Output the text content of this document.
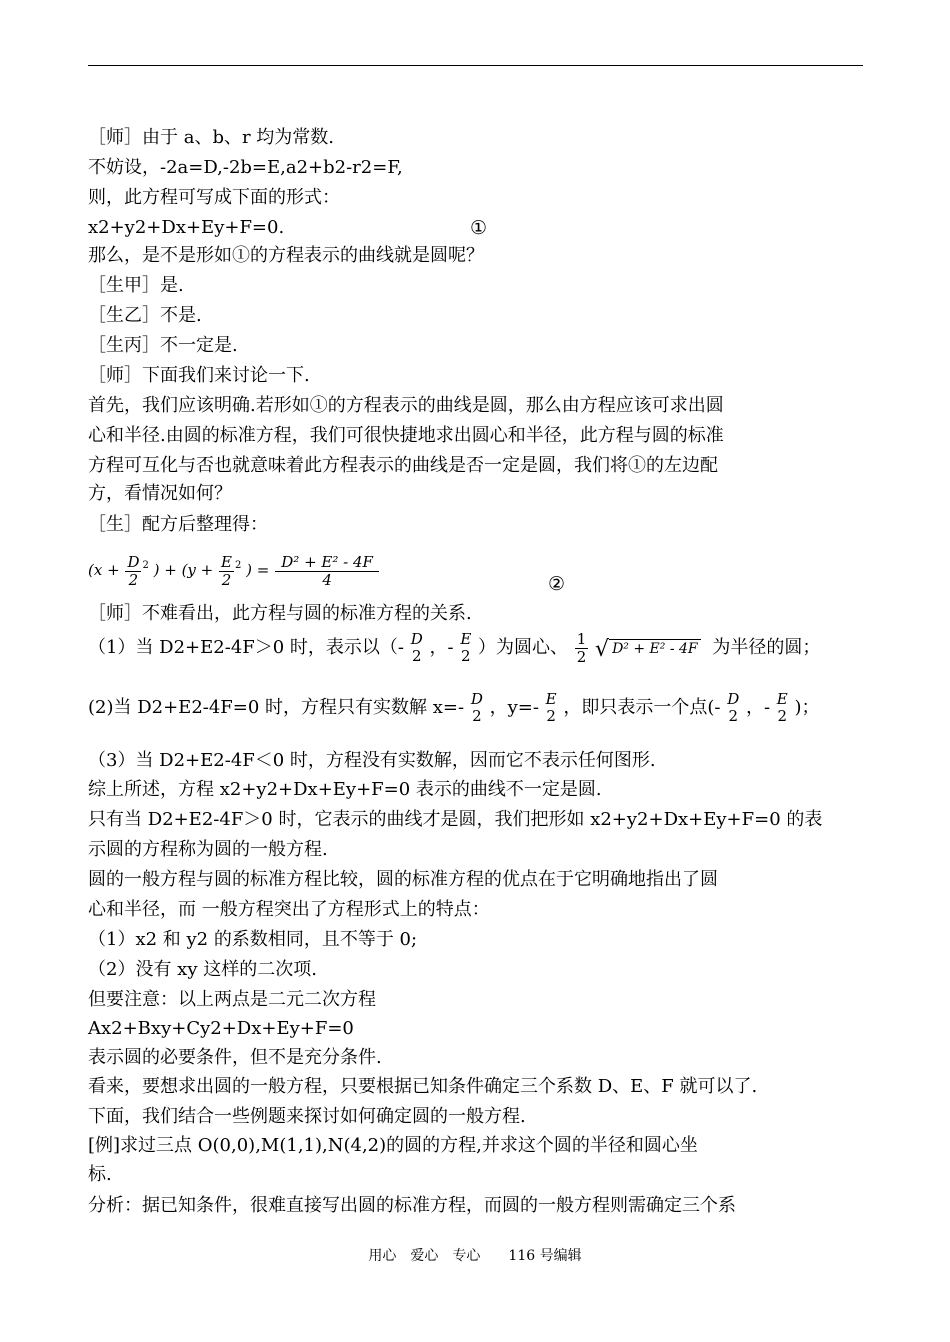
［师］由于 a、b、r 均为常数.
不妨设，-2a=D,-2b=E,a2+b2-r2=F,
则，此方程可写成下面的形式：
x2+y2+Dx+Ey+F=0.	①
那么，是不是形如①的方程表示的曲线就是圆呢？
［生甲］是.
［生乙］不是.
［生丙］不一定是.
［师］下面我们来讨论一下.
首先，我们应该明确.若形如①的方程表示的曲线是圆，那么由方程应该可求出圆
心和半径.由圆的标准方程，我们可很快捷地求出圆心和半径，此方程与圆的标准
方程可互化与否也就意味着此方程表示的曲线是否一定是圆，我们将①的左边配
方，看情况如何？
［生］配方后整理得：
($x + \frac{D}{2} ^2$ ) + ($y + \frac{E}{2} ^2$ ) = $\frac{\text{D² + E² - 4F}}{4}$	②
［师］不难看出，此方程与圆的标准方程的关系.
（1）当 D2+E2-4F＞0 时，表示以（- D
2 ，- E
2 ）为圆心、 $\frac{1}{2}$ √ D² + E² - 4F 为半径的圆；
(2)当 D2+E2-4F=0 时，方程只有实数解 x=- D
2 ，y=- E
2 ，即只表示一个点(- D
2 ，- E
2 )；
（3）当 D2+E2-4F＜0 时，方程没有实数解，因而它不表示任何图形.
综上所述，方程 x2+y2+Dx+Ey+F=0 表示的曲线不一定是圆.
只有当 D2+E2-4F＞0 时，它表示的曲线才是圆，我们把形如 x2+y2+Dx+Ey+F=0 的表
示圆的方程称为圆的一般方程.
圆的一般方程与圆的标准方程比较，圆的标准方程的优点在于它明确地指出了圆
心和半径，而 一般方程突出了方程形式上的特点：
（1）x2 和 y2 的系数相同，且不等于 0;
（2）没有 xy 这样的二次项.
但要注意：以上两点是二元二次方程
Ax2+Bxy+Cy2+Dx+Ey+F=0
表示圆的必要条件，但不是充分条件.
看来，要想求出圆的一般方程，只要根据已知条件确定三个系数 D、E、F 就可以了.
下面，我们结合一些例题来探讨如何确定圆的一般方程.
[例]求过三点 O(0,0),M(1,1),N(4,2)的圆的方程,并求这个圆的半径和圆心坐
标.
分析：据已知条件，很难直接写出圆的标准方程，而圆的一般方程则需确定三个系
用心　爱心　专心　　116 号编辑
